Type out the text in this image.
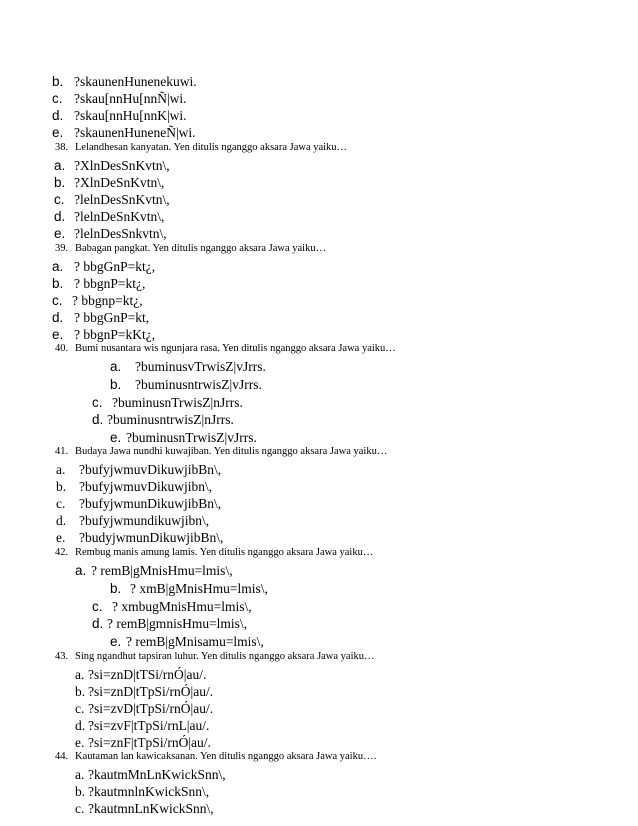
b. ?skaunenHunenekuwi.
c. ?skau[nnHu[nnÑ|wi.
d. ?skau[nnHu[nnK|wi.
e. ?skaunenHuneneÑ|wi.
38. Lelandhesan kanyatan. Yen ditulis nganggo aksara Jawa yaiku…
a. ?XlnDesSnKvtn\,
b. ?XlnDeSnKvtn\,
c. ?lelnDesSnKvtn\,
d. ?lelnDeSnKvtn\,
e. ?lelnDesSnkvtn\,
39. Babagan pangkat. Yen ditulis nganggo aksara Jawa yaiku…
a. ? bbgGnP=kt¿,
b. ? bbgnP=kt¿,
c. ? bbgnp=kt¿,
d. ? bbgGnP=kt,
e. ? bbgnP=kKt¿,
40. Bumi nusantara wis ngunjara rasa. Yen ditulis nganggo aksara Jawa yaiku…
a. ?buminusvTrwisZ|vJrrs.
b. ?buminusntrwisZ|vJrrs.
c. ?buminusnTrwisZ|nJrrs.
d. ?buminusntrwisZ|nJrrs.
e. ?buminusnTrwisZ|vJrrs.
41. Budaya Jawa nundhi kuwajiban. Yen ditulis nganggo aksara Jawa yaiku…
a. ?bufyjwmuvDikuwjibBn\,
b. ?bufyjwmuvDikuwjibn\,
c. ?bufyjwmunDikuwjibBn\,
d. ?bufyjwmundikuwjibn\,
e. ?budyjwmunDikuwjibBn\,
42. Rembug manis amung lamis. Yen ditulis nganggo aksara Jawa yaiku…
a. ? remB|gMnisHmu=lmis\,
b. ? xmB|gMnisHmu=lmis\,
c. ? xmbugMnisHmu=lmis\,
d. ? remB|gmnisHmu=lmis\,
e. ? remB|gMnisamu=lmis\,
43. Sing ngandhut tapsiran luhur. Yen ditulis nganggo aksara Jawa yaiku…
a. ?si=znD|tTSi/rnÓ|au/.
b. ?si=znD|tTpSi/rnÓ|au/.
c. ?si=zvD|tTpSi/rnÓ|au/.
d. ?si=zvF|tTpSi/rnL|au/.
e. ?si=znF|tTpSi/rnÓ|au/.
44. Kautaman lan kawicaksanan. Yen ditulis nganggo aksara Jawa yaiku….
a. ?kautmMnLnKwickSnn\,
b. ?kautmnlnKwickSnn\,
c. ?kautmnLnKwickSnn\,
